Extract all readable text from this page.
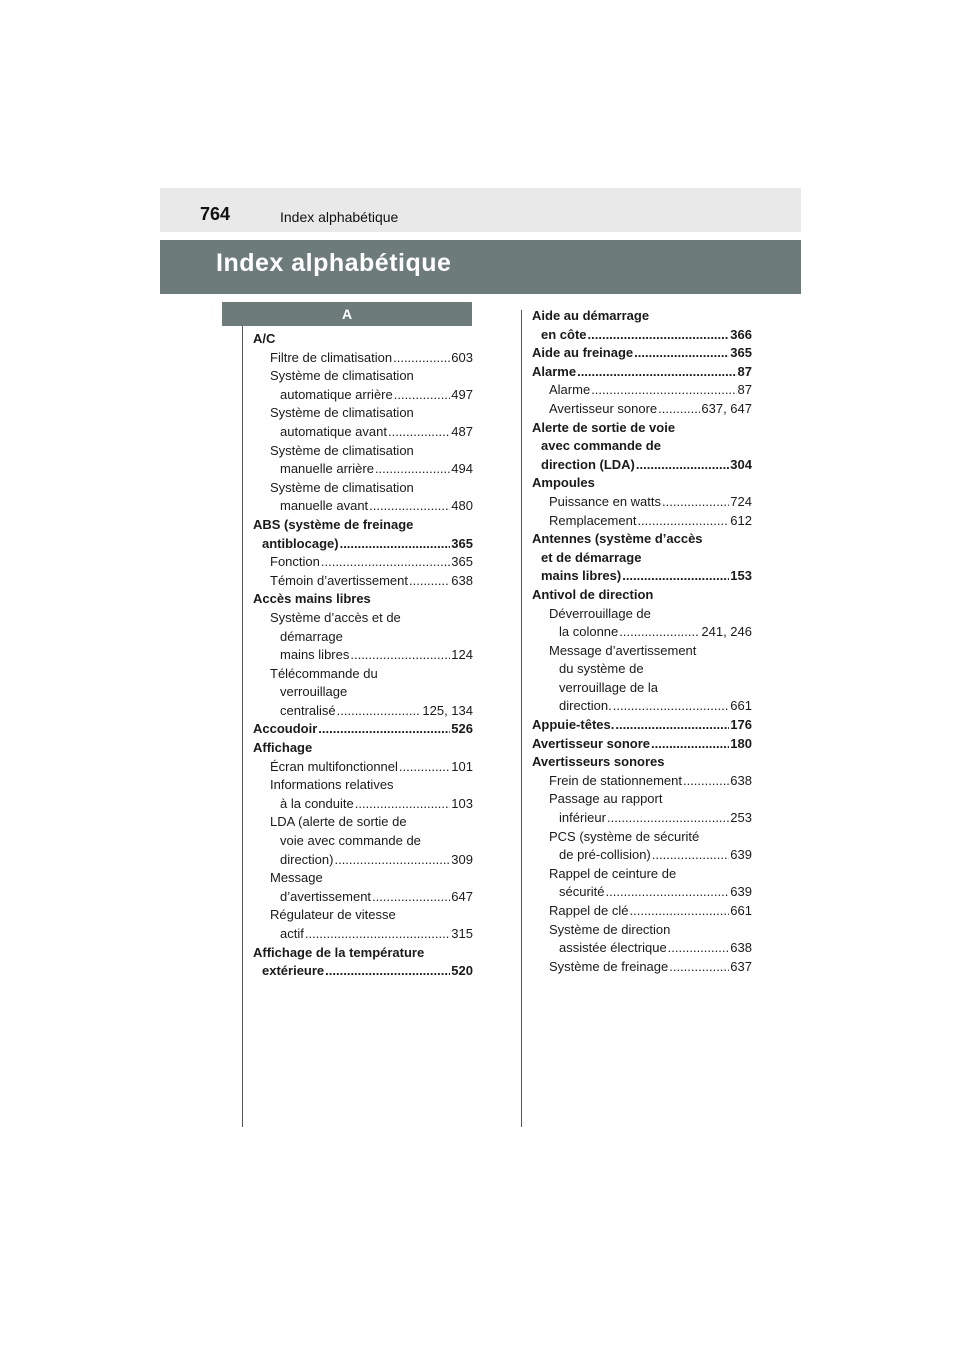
764	Index alphabétique
Index alphabétique
A
A/C
Filtre de climatisation .....	603
Système de climatisation
automatique arrière .....	497
Système de climatisation
automatique avant .....	487
Système de climatisation
manuelle arrière .....	494
Système de climatisation
manuelle avant .....	480
ABS (système de freinage
antiblocage) .....	365
Fonction .....	365
Témoin d’avertissement .....	638
Accès mains libres
Système d’accès et de
démarrage
mains libres .....	124
Télécommande du
verrouillage
centralisé .....	125, 134
Accoudoir .....	526
Affichage
Écran multifonctionnel .....	101
Informations relatives
à la conduite .....	103
LDA (alerte de sortie de
voie avec commande de
direction) .....	309
Message
d’avertissement .....	647
Régulateur de vitesse
actif .....	315
Affichage de la température
extérieure .....	520
Aide au démarrage
en côte .....	366
Aide au freinage .....	365
Alarme .....	87
Alarme .....	87
Avertisseur sonore .....	637, 647
Alerte de sortie de voie
avec commande de
direction (LDA) .....	304
Ampoules
Puissance en watts .....	724
Remplacement .....	612
Antennes (système d’accès
et de démarrage
mains libres) .....	153
Antivol de direction
Déverrouillage de
la colonne .....	241, 246
Message d’avertissement
du système de
verrouillage de la
direction. .....	661
Appuie-têtes. .....	176
Avertisseur sonore .....	180
Avertisseurs sonores
Frein de stationnement .....	638
Passage au rapport
inférieur .....	253
PCS (système de sécurité
de pré-collision) .....	639
Rappel de ceinture de
sécurité .....	639
Rappel de clé .....	661
Système de direction
assistée électrique .....	638
Système de freinage .....	637
